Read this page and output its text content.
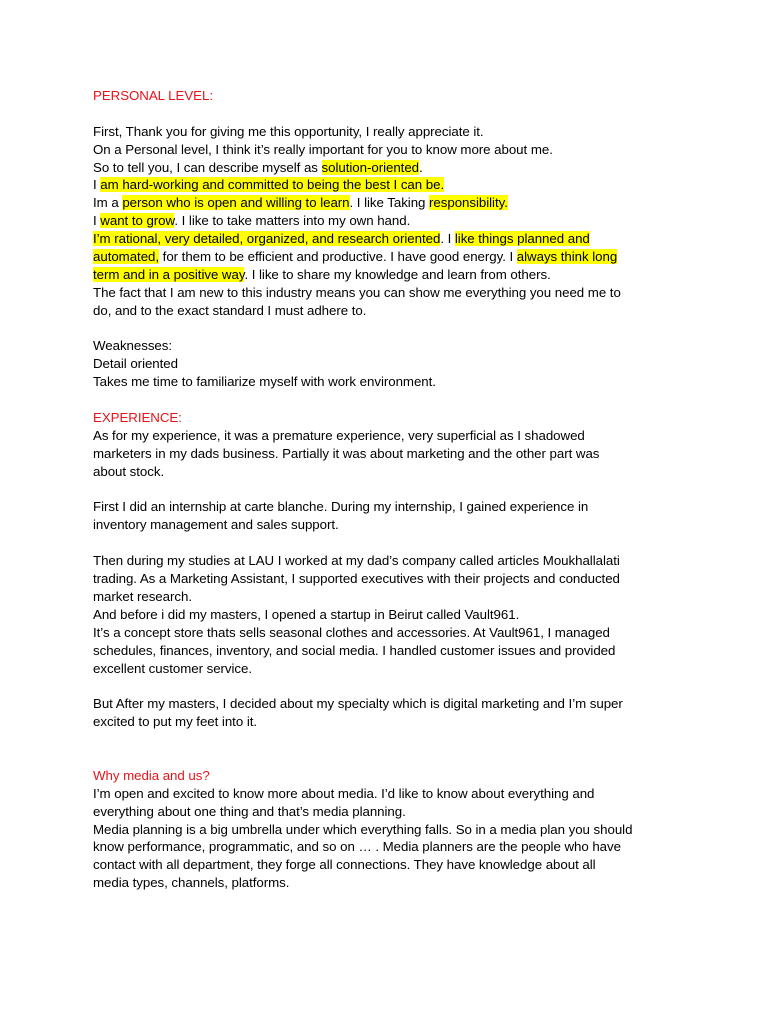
PERSONAL LEVEL:
First, Thank you for giving me this opportunity, I really appreciate it.
On a Personal level, I think it’s really important for you to know more about me.
So to tell you, I can describe myself as solution-oriented.
I am hard-working and committed to being the best I can be.
Im a person who is open and willing to learn. I like Taking responsibility.
I want to grow. I like to take matters into my own hand.
I’m rational, very detailed, organized, and research oriented. I like things planned and
automated, for them to be efficient and productive. I have good energy. I always think long
term and in a positive way. I like to share my knowledge and learn from others.
The fact that I am new to this industry means you can show me everything you need me to
do, and to the exact standard I must adhere to.
Weaknesses:
Detail oriented
Takes me time to familiarize myself with work environment.
EXPERIENCE:
As for my experience, it was a premature experience, very superficial as I shadowed
marketers in my dads business. Partially it was about marketing and the other part was
about stock.
First I did an internship at carte blanche. During my internship, I gained experience in
inventory management and sales support.
Then during my studies at LAU I worked at my dad’s company called articles Moukhallalati
trading. As a Marketing Assistant, I supported executives with their projects and conducted
market research.
And before i did my masters, I opened a startup in Beirut called Vault961.
It’s a concept store thats sells seasonal clothes and accessories. At Vault961, I managed
schedules, finances, inventory, and social media. I handled customer issues and provided
excellent customer service.
But After my masters, I decided about my specialty which is digital marketing and I’m super
excited to put my feet into it.
Why media and us?
I’m open and excited to know more about media. I’d like to know about everything and
everything about one thing and that’s media planning.
Media planning is a big umbrella under which everything falls. So in a media plan you should
know performance, programmatic, and so on … . Media planners are the people who have
contact with all department, they forge all connections. They have knowledge about all
media types, channels, platforms.
